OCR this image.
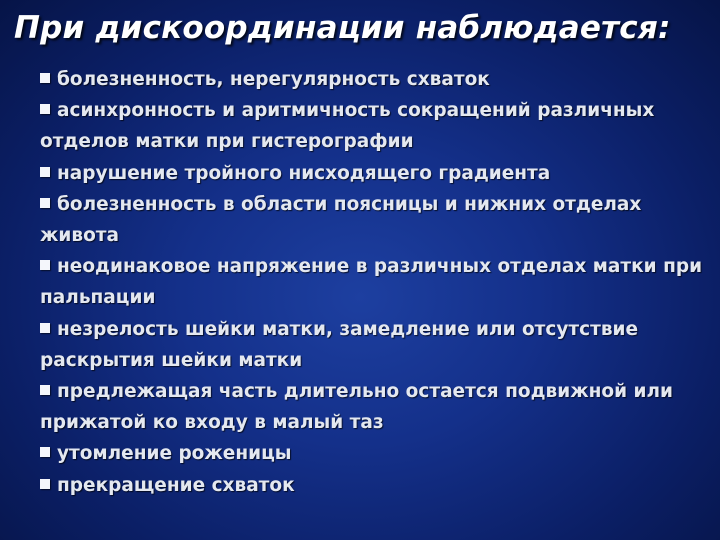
При дискоординации наблюдается:
болезненность, нерегулярность схваток
асинхронность и аритмичность сокращений различных отделов матки при гистерографии
нарушение тройного нисходящего градиента
болезненность в области поясницы и нижних отделах живота
неодинаковое напряжение в различных отделах матки при пальпации
незрелость шейки матки, замедление или отсутствие раскрытия шейки матки
предлежащая часть длительно остается подвижной или прижатой ко входу в малый таз
утомление роженицы
прекращение схваток
